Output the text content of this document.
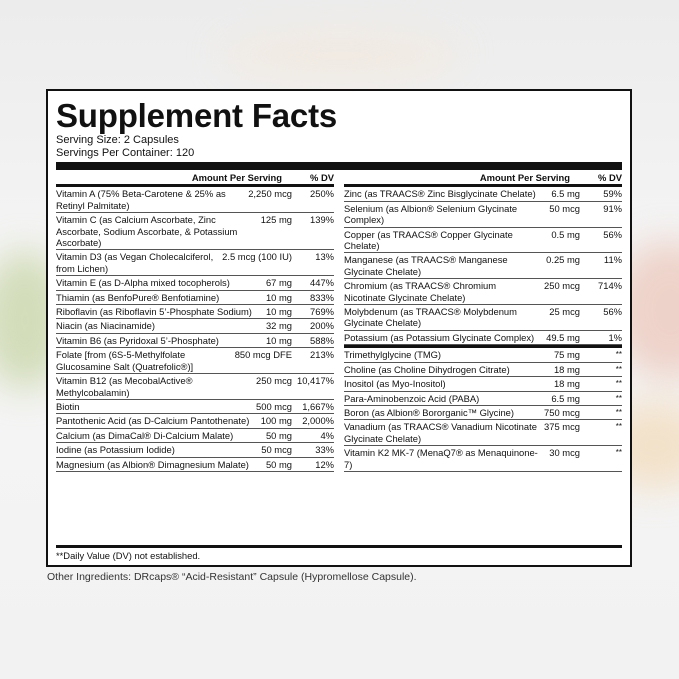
Supplement Facts
Serving Size: 2 Capsules
Servings Per Container: 120
Amount Per Serving	% DV
Vitamin A (75% Beta-Carotene & 25% as Retinyl Palmitate)
2,250 mcg	250%
Vitamin C (as Calcium Ascorbate, Zinc Ascorbate, Sodium Ascorbate, & Potassium Ascorbate)
125 mg	139%
Vitamin D3 (as Vegan Cholecalciferol, from Lichen)
2.5 mcg (100 IU)	13%
Vitamin E (as D-Alpha mixed tocopherols)	67 mg	447%
Thiamin (as BenfoPure® Benfotiamine)	10 mg	833%
Riboflavin (as Riboflavin 5’-Phosphate Sodium)	10 mg	769%
Niacin (as Niacinamide)	32 mg	200%
Vitamin B6 (as Pyridoxal 5’-Phosphate)	10 mg	588%
Folate [from (6S-5-Methylfolate Glucosamine Salt (Quatrefolic®)]
850 mcg DFE	213%
Vitamin B12 (as MecobalActive® Methylcobalamin)
250 mcg 10,417%
Biotin	500 mcg	1,667%
Pantothenic Acid (as D-Calcium Pantothenate)	100 mg	2,000%
Calcium (as DimaCal® Di-Calcium Malate)	50 mg	4%
Iodine (as Potassium Iodide)	50 mcg	33%
Magnesium (as Albion® Dimagnesium Malate)	50 mg	12%
Amount Per Serving	% DV
Zinc (as TRAACS® Zinc Bisglycinate Chelate)	6.5 mg	59%
Selenium (as Albion® Selenium Glycinate Complex)
50 mcg	91%
Copper (as TRAACS® Copper Glycinate Chelate)
0.5 mg	56%
Manganese (as TRAACS® Manganese Glycinate Chelate)
0.25 mg	11%
Chromium (as TRAACS® Chromium Nicotinate Glycinate Chelate)
250 mcg	714%
Molybdenum (as TRAACS® Molybdenum Glycinate Chelate)
25 mcg	56%
Potassium (as Potassium Glycinate Complex)	49.5 mg	1%
Trimethylglycine (TMG)	75 mg	**
Choline (as Choline Dihydrogen Citrate)	18 mg	**
Inositol (as Myo-Inositol)	18 mg	**
Para-Aminobenzoic Acid (PABA)	6.5 mg	**
Boron (as Albion® Bororganic™ Glycine)	750 mcg	**
Vanadium (as TRAACS® Vanadium Nicotinate Glycinate Chelate)
375 mcg	**
Vitamin K2 MK-7 (MenaQ7® as Menaquinone-7)
30 mcg	**
**Daily Value (DV) not established.
Other Ingredients: DRcaps® “Acid-Resistant” Capsule (Hypromellose Capsule).
